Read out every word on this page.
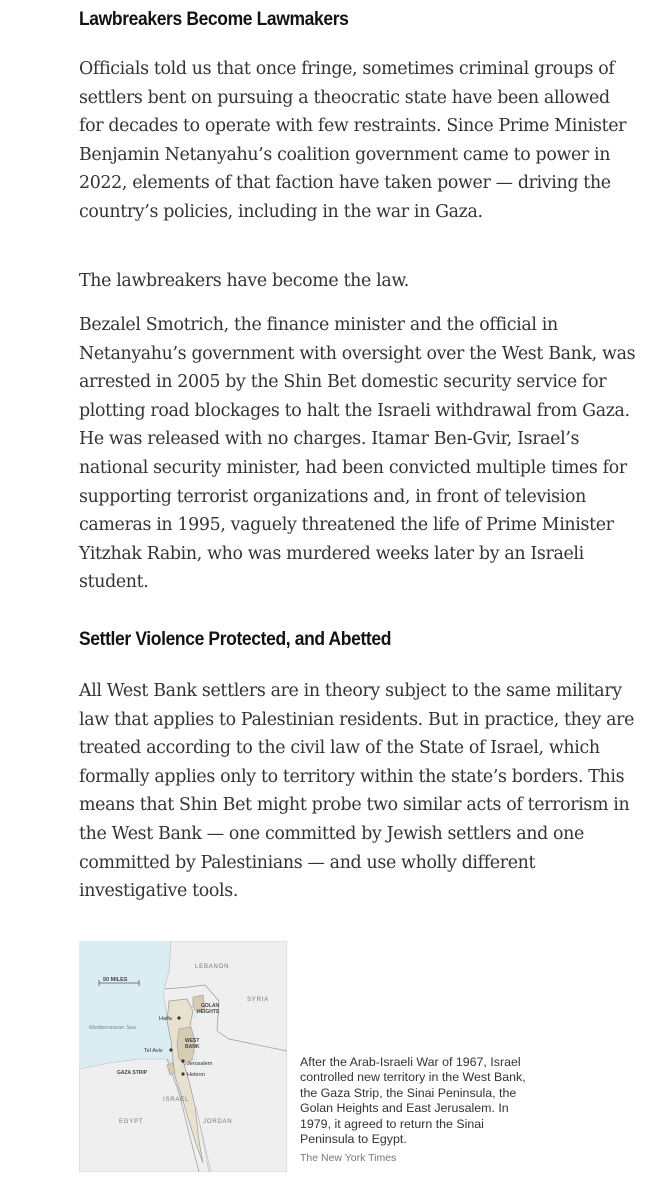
Lawbreakers Become Lawmakers

Officials told us that once fringe, sometimes criminal groups of settlers bent on pursuing a theocratic state have been allowed for decades to operate with few restraints. Since Prime Minister Benjamin Netanyahu’s coalition government came to power in 2022, elements of that faction have taken power — driving the country’s policies, including in the war in Gaza.

The lawbreakers have become the law.

Bezalel Smotrich, the finance minister and the official in Netanyahu’s government with oversight over the West Bank, was arrested in 2005 by the Shin Bet domestic security service for plotting road blockages to halt the Israeli withdrawal from Gaza. He was released with no charges. Itamar Ben-Gvir, Israel’s national security minister, had been convicted multiple times for supporting terrorist organizations and, in front of television cameras in 1995, vaguely threatened the life of Prime Minister Yitzhak Rabin, who was murdered weeks later by an Israeli student.

Settler Violence Protected, and Abetted

All West Bank settlers are in theory subject to the same military law that applies to Palestinian residents. But in practice, they are treated according to the civil law of the State of Israel, which formally applies only to territory within the state’s borders. This means that Shin Bet might probe two similar acts of terrorism in the West Bank — one committed by Jewish settlers and one committed by Palestinians — and use wholly different investigative tools.

LEBANON
SYRIA
50 MILES
GOLAN
HEIGHTS
Haifa
Mediterranean Sea
WEST
BANK
Tel Aviv
Jerusalem
Hebron
GAZA STRIP
ISRAEL
EGYPT	JORDAN

After the Arab-Israeli War of 1967, Israel controlled new territory in the West Bank, the Gaza Strip, the Sinai Peninsula, the Golan Heights and East Jerusalem. In 1979, it agreed to return the Sinai Peninsula to Egypt.

The New York Times
